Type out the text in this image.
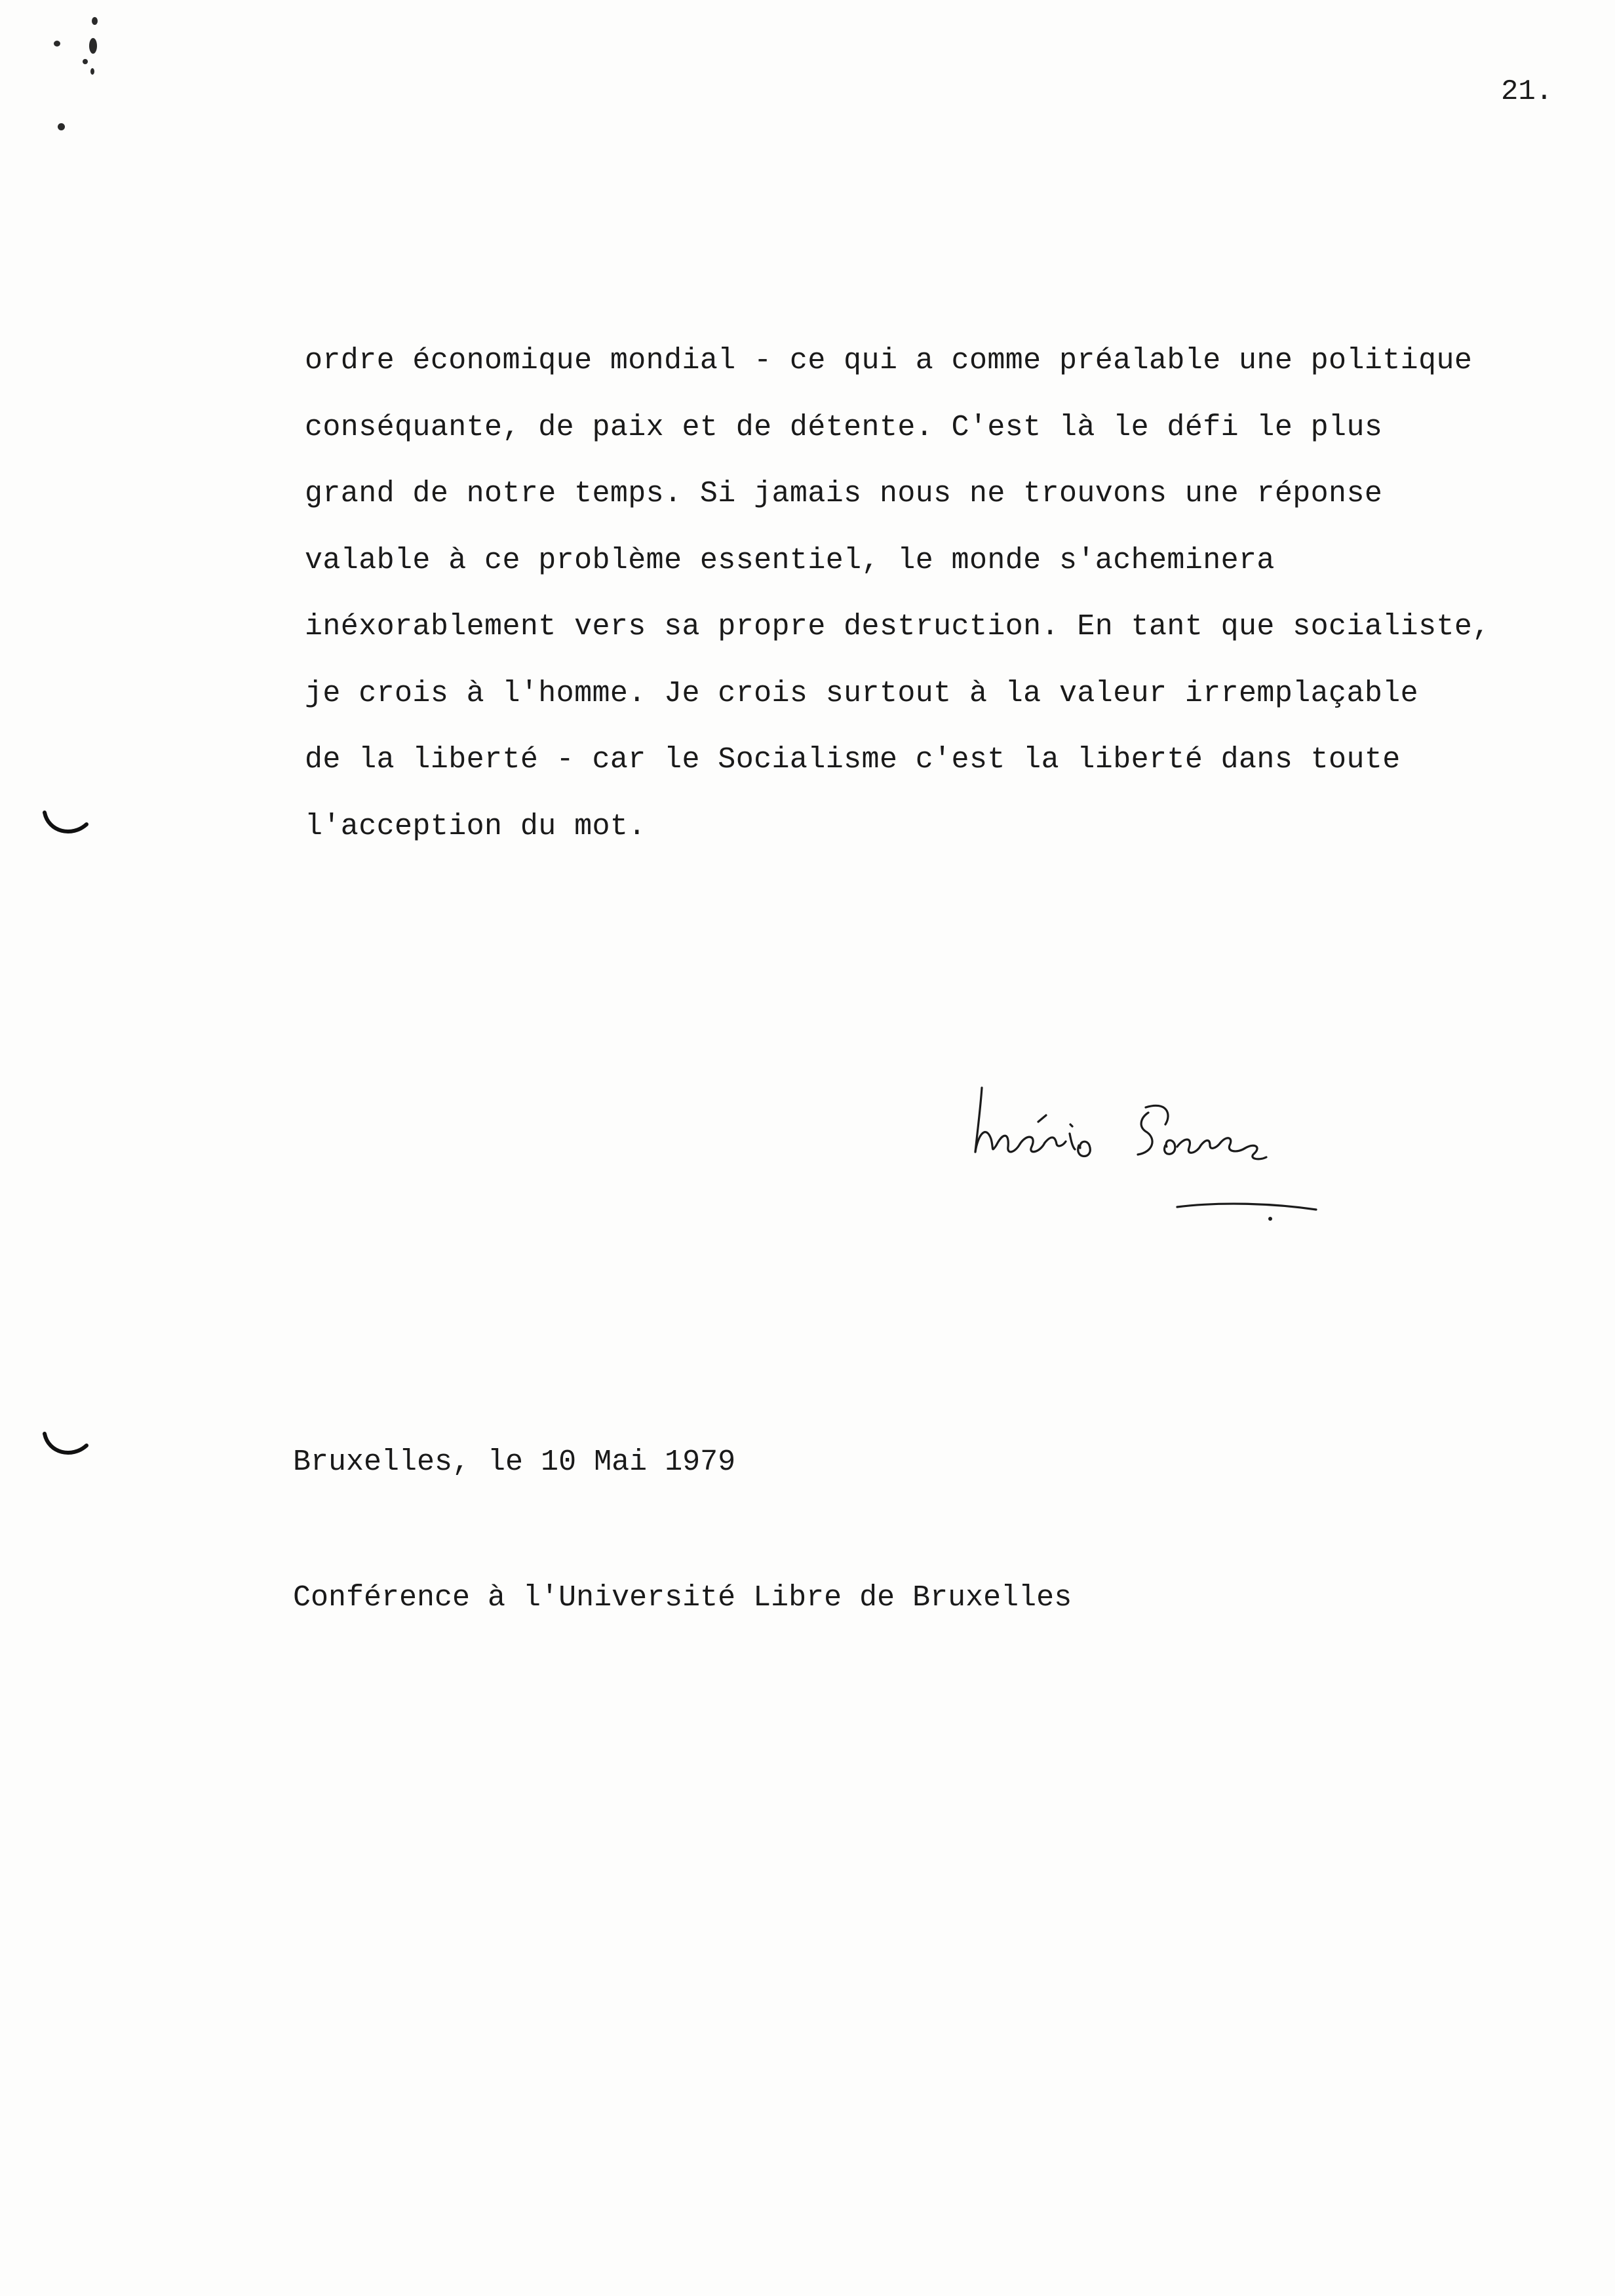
21.

ordre économique mondial - ce qui a comme préalable une politique
conséquante, de paix et de détente. C'est là le défi le plus
grand de notre temps. Si jamais nous ne trouvons une réponse
valable à ce problème essentiel, le monde s'acheminera
inéxorablement vers sa propre destruction. En tant que socialiste,
je crois à l'homme. Je crois surtout à la valeur irremplaçable
de la liberté - car le Socialisme c'est la liberté dans toute
l'acception du mot.

Bruxelles, le 10 Mai 1979
Conférence à l'Université Libre de Bruxelles
